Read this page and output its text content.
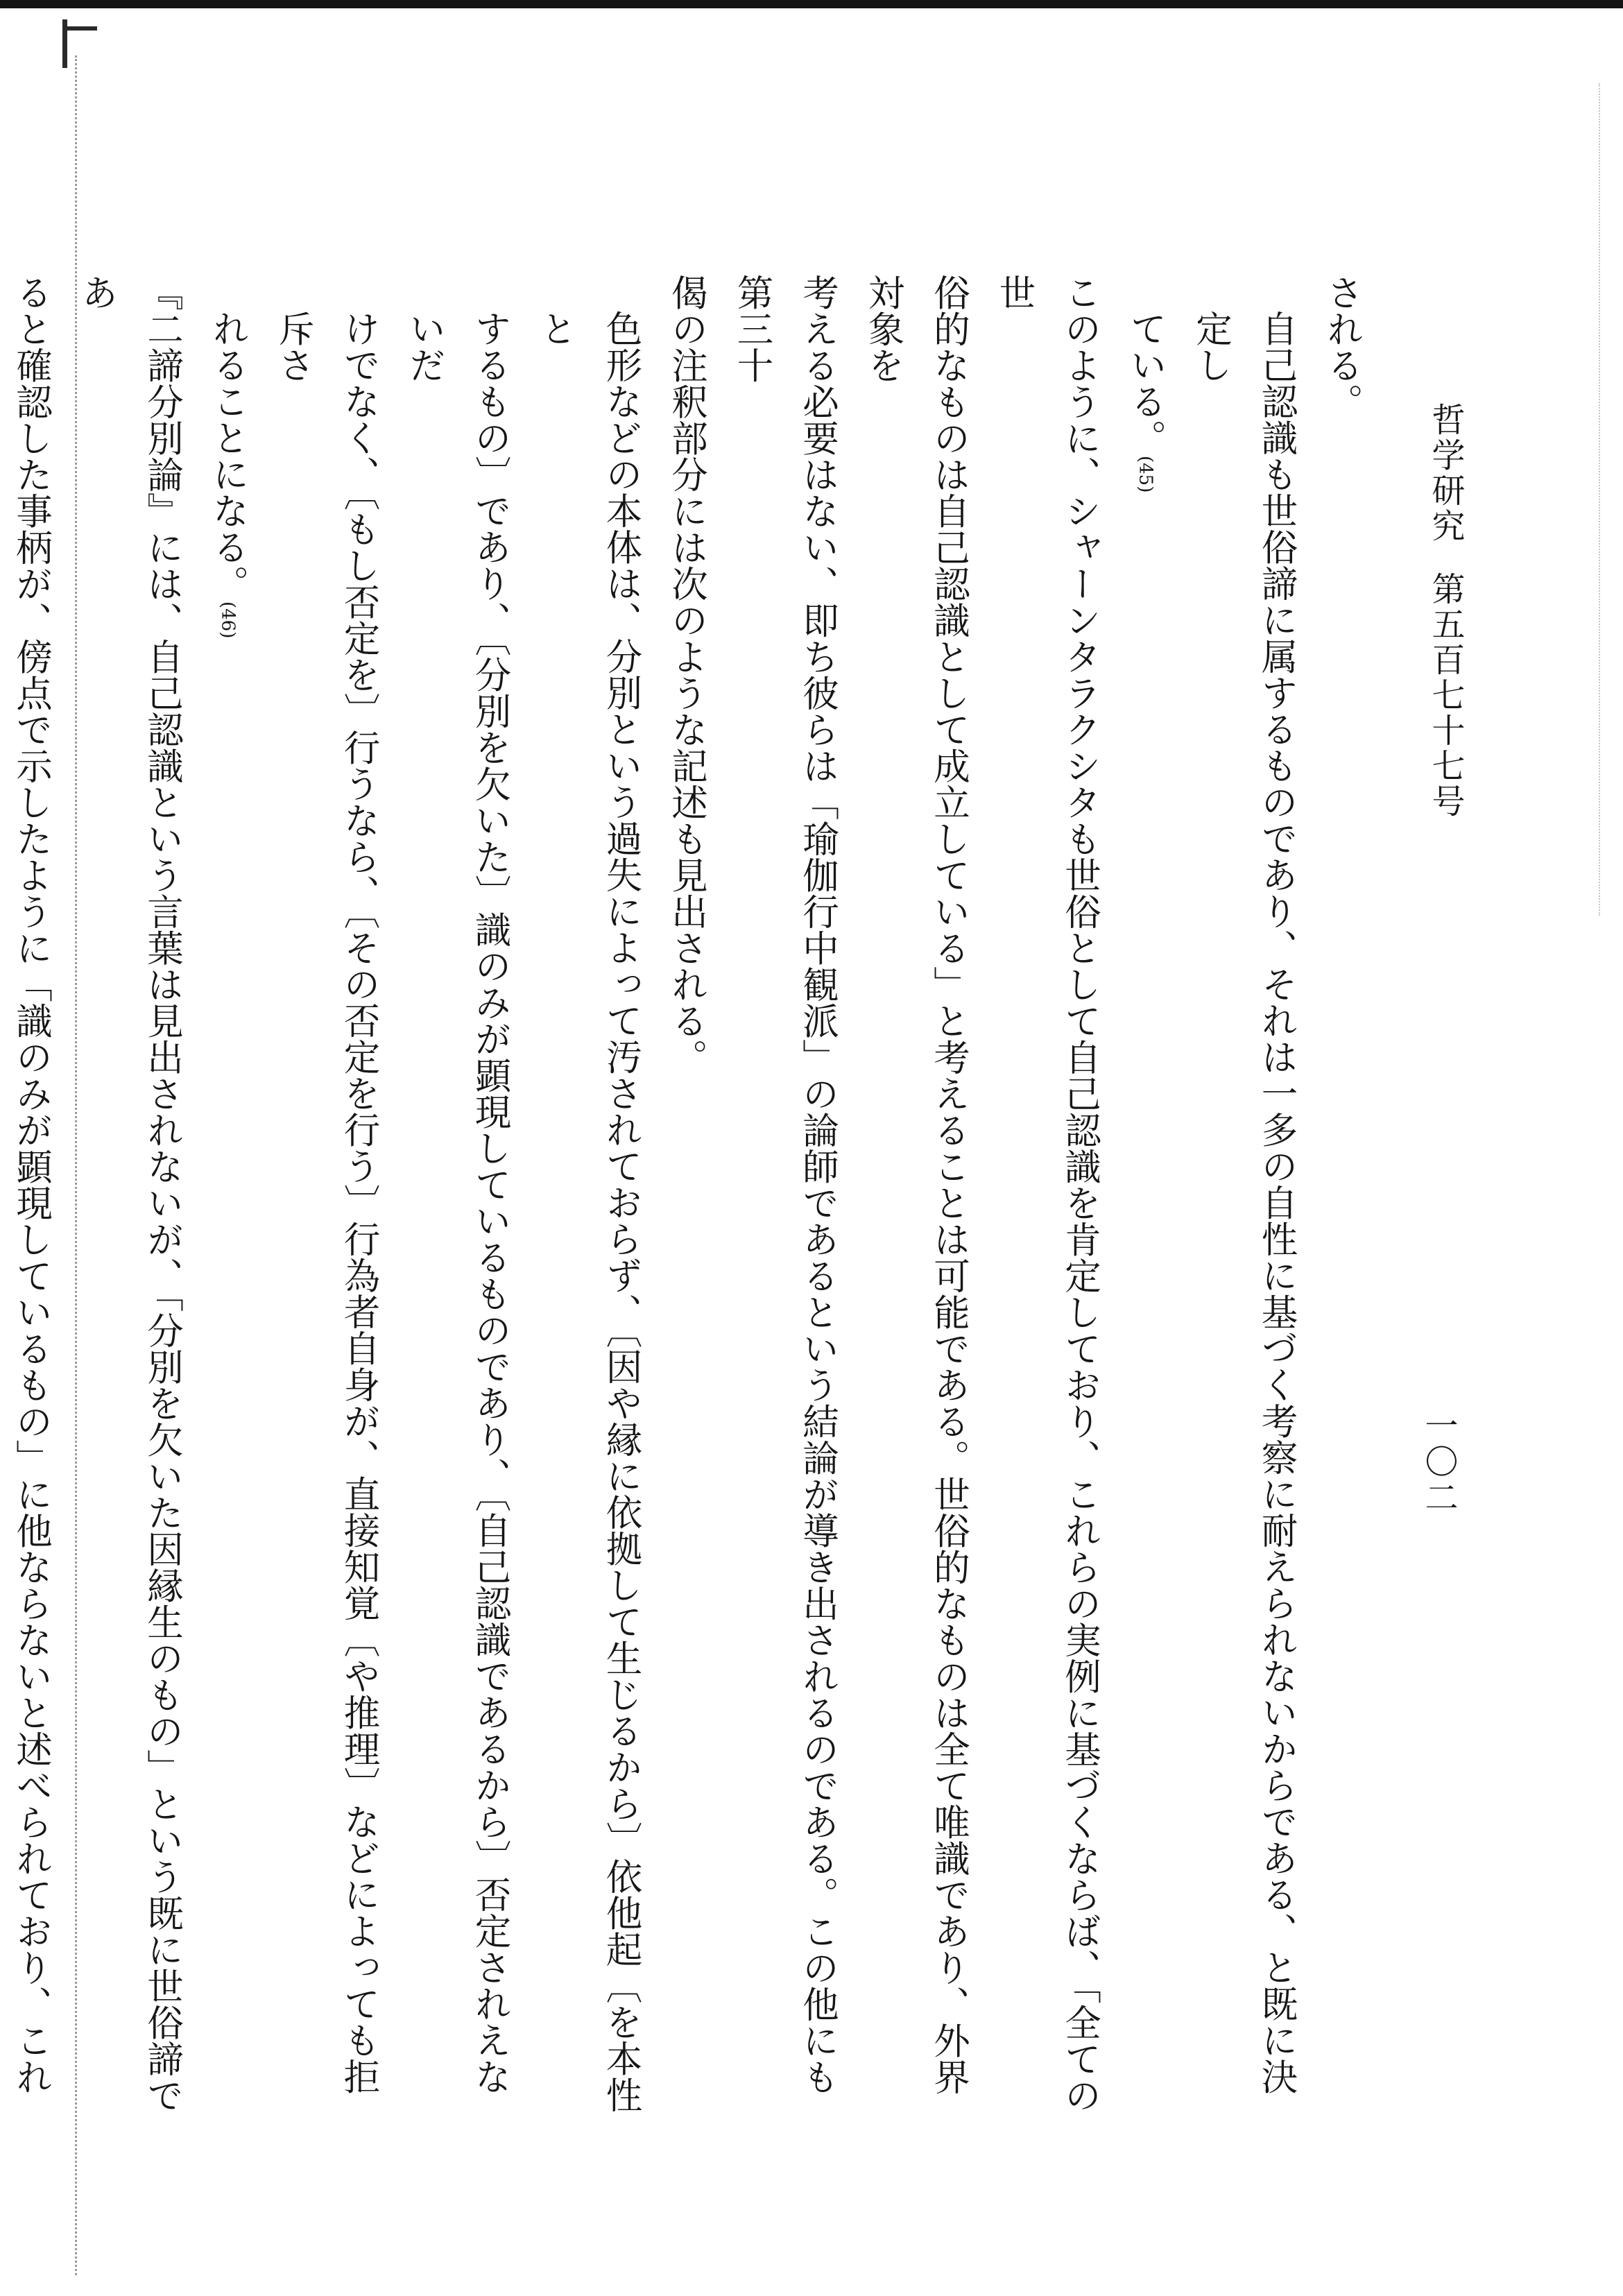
哲学研究第五百七十七号
一〇二

される。

自己認識も世俗諦に属するものであり、それは一多の自性に基づく考察に耐えられないからである、と既に決定し

ている。(45)

このように、シャーンタラクシタも世俗として自己認識を肯定しており、これらの実例に基づくならば、「全ての世

俗的なものは自己認識として成立している」と考えることは可能である。世俗的なものは全て唯識であり、外界対象を

考える必要はない、即ち彼らは「瑜伽行中観派」の論師であるという結論が導き出されるのである。この他にも第三十

偈の注釈部分には次のような記述も見出される。

色形などの本体は、分別という過失によって汚されておらず、〔因や縁に依拠して生じるから〕依他起〔を本性と

するもの〕であり、〔分別を欠いた〕識のみが顕現しているものであり、〔自己認識であるから〕否定されえないだ

けでなく、〔もし否定を〕行うなら、〔その否定を行う〕行為者自身が、直接知覚〔や推理〕などによっても拒斥さ

れることになる。(46)

『二諦分別論』には、自己認識という言葉は見出されないが、「分別を欠いた因縁生のもの」という既に世俗諦であ

ると確認した事柄が、傍点で示したように「識のみが顕現しているもの」に他ならないと述べられており、これ
